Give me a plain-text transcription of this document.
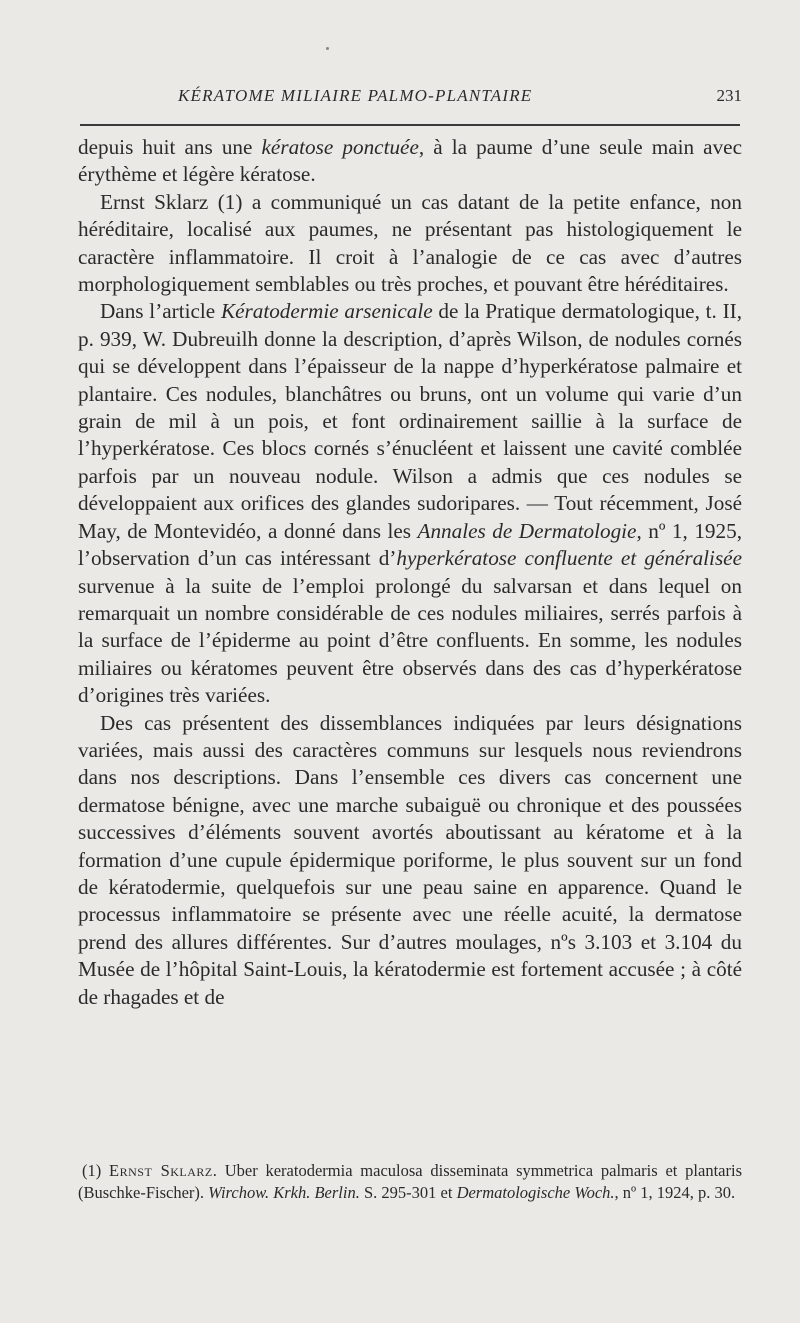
KÉRATOME MILIAIRE PALMO-PLANTAIRE	231

depuis huit ans une kératose ponctuée, à la paume d’une seule main avec érythème et légère kératose.

Ernst Sklarz (1) a communiqué un cas datant de la petite enfance, non héréditaire, localisé aux paumes, ne présentant pas histologiquement le caractère inflammatoire. Il croit à l’analogie de ce cas avec d’autres morphologiquement semblables ou très proches, et pouvant être héréditaires.

Dans l’article Kératodermie arsenicale de la Pratique dermatologique, t. II, p. 939, W. Dubreuilh donne la description, d’après Wilson, de nodules cornés qui se développent dans l’épaisseur de la nappe d’hyperkératose palmaire et plantaire. Ces nodules, blanchâtres ou bruns, ont un volume qui varie d’un grain de mil à un pois, et font ordinairement saillie à la surface de l’hyperkératose. Ces blocs cornés s’énucléent et laissent une cavité comblée parfois par un nouveau nodule. Wilson a admis que ces nodules se développaient aux orifices des glandes sudoripares. — Tout récemment, José May, de Montevidéo, a donné dans les Annales de Dermatologie, nº 1, 1925, l’observation d’un cas intéressant d’hyperkératose confluente et généralisée survenue à la suite de l’emploi prolongé du salvarsan et dans lequel on remarquait un nombre considérable de ces nodules miliaires, serrés parfois à la surface de l’épiderme au point d’être confluents. En somme, les nodules miliaires ou kératomes peuvent être observés dans des cas d’hyperkératose d’origines très variées.

Des cas présentent des dissemblances indiquées par leurs désignations variées, mais aussi des caractères communs sur lesquels nous reviendrons dans nos descriptions. Dans l’ensemble ces divers cas concernent une dermatose bénigne, avec une marche subaiguë ou chronique et des poussées successives d’éléments souvent avortés aboutissant au kératome et à la formation d’une cupule épidermique poriforme, le plus souvent sur un fond de kératodermie, quelquefois sur une peau saine en apparence. Quand le processus inflammatoire se présente avec une réelle acuité, la dermatose prend des allures différentes. Sur d’autres moulages, nºs 3.103 et 3.104 du Musée de l’hôpital Saint-Louis, la kératodermie est fortement accusée ; à côté de rhagades et de

(1) Ernst Sklarz. Uber keratodermia maculosa disseminata symmetrica palmaris et plantaris (Buschke-Fischer). Wirchow. Krkh. Berlin. S. 295-301 et Dermatologische Woch., nº 1, 1924, p. 30.
